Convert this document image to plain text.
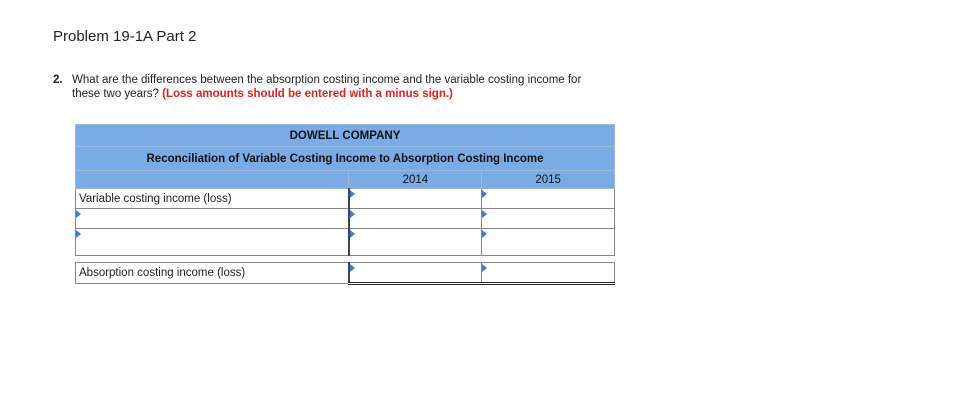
Problem 19-1A Part 2
2. What are the differences between the absorption costing income and the variable costing income for
these two years? (Loss amounts should be entered with a minus sign.)
DOWELL COMPANY		
Reconciliation of Variable Costing Income to Absorption Costing Income		
	2014	2015
Variable costing income (loss)	

Absorption costing income (loss)	
